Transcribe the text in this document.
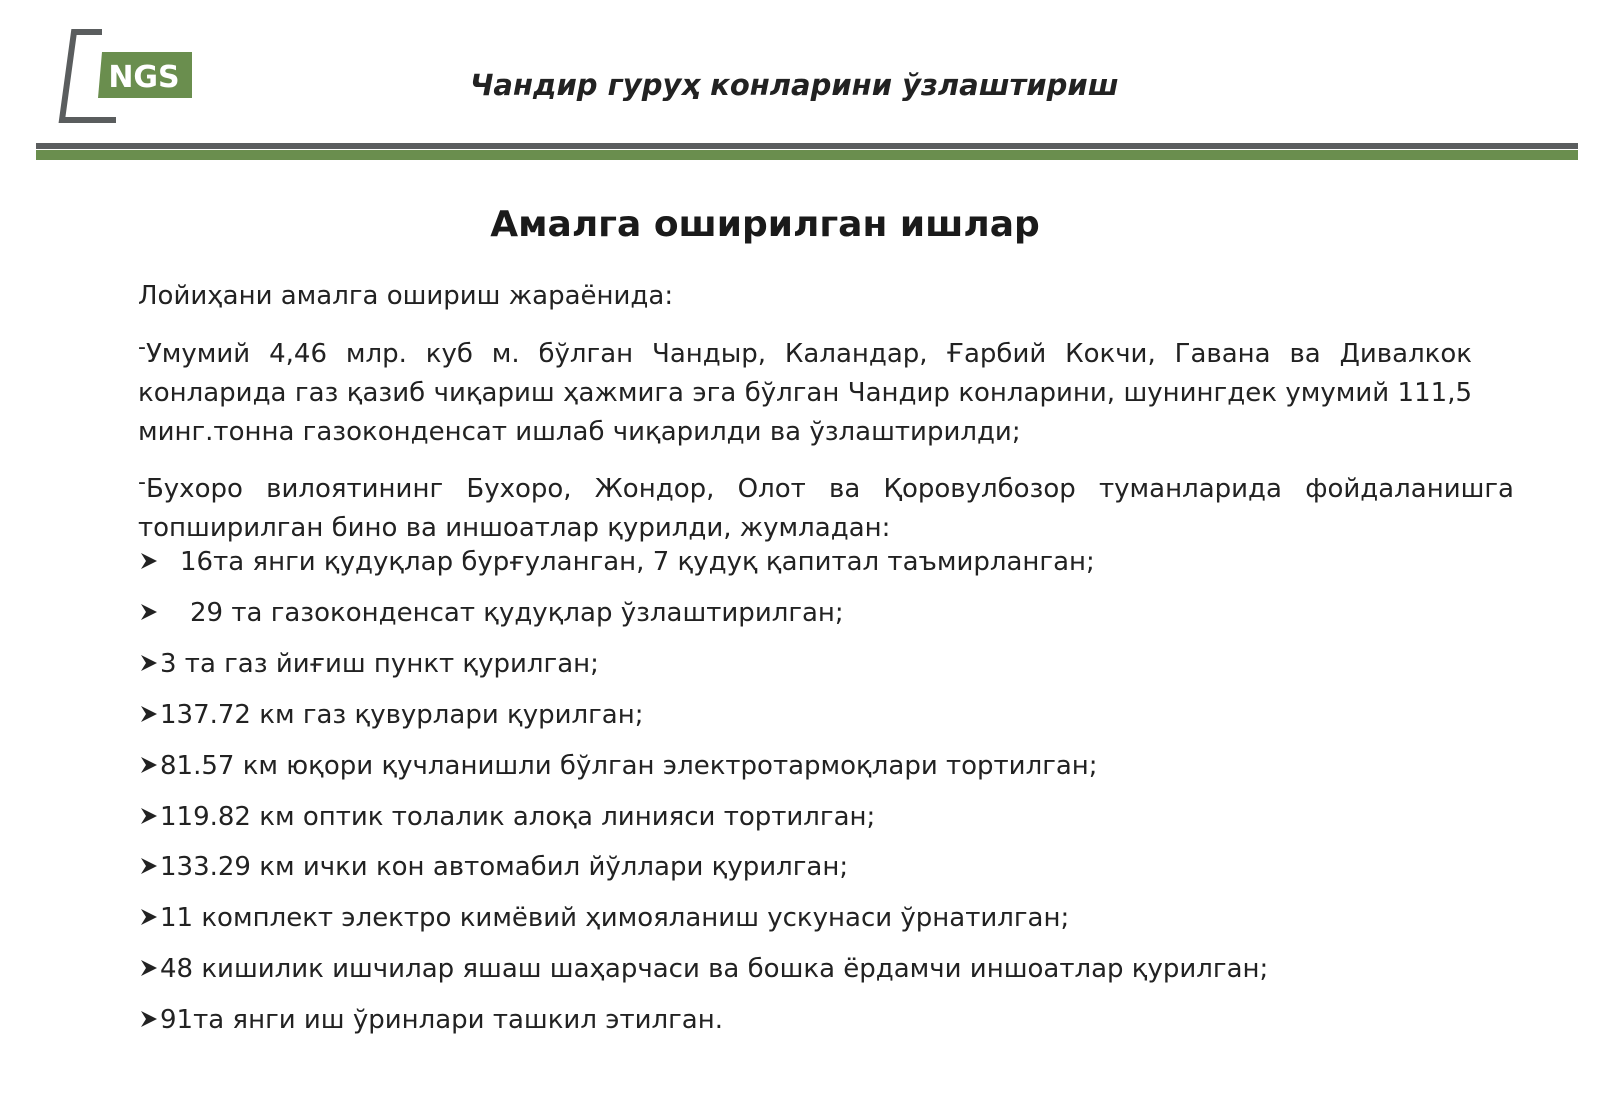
NGS	Чандир гуруҳ конларини ўзлаштириш
Амалга оширилган ишлар
Лойиҳани амалга ошириш жараёнида:
-Умумий 4,46 млр. куб м. бўлган Чандыр, Каландар, Ғарбий Кокчи, Гавана ва Дивалкок конларида газ қазиб чиқариш ҳажмига эга бўлган Чандир конларини, шунингдек умумий 111,5 минг.тонна газоконденсат ишлаб чиқарилди ва ўзлаштирилди;
-Бухоро вилоятининг Бухоро, Жондор, Олот ва Қоровулбозор туманларида фойдаланишга топширилган бино ва иншоатлар қурилди, жумладан:
16та янги қудуқлар бурғуланган, 7 қудуқ қапитал таъмирланган;
29 та газоконденсат қудуқлар ўзлаштирилган;
3 та газ йиғиш пункт қурилган;
137.72 км газ қувурлари қурилган;
81.57 км юқори қучланишли бўлган электротармоқлари тортилган;
119.82 км оптик толалик алоқа линияси тортилган;
133.29 км ички кон автомабил йўллари қурилган;
11 комплект электро кимёвий ҳимояланиш ускунаси ўрнатилган;
48 кишилик ишчилар яшаш шаҳарчаси ва бошка ёрдамчи иншоатлар қурилган;
91та янги иш ўринлари ташкил этилган.
